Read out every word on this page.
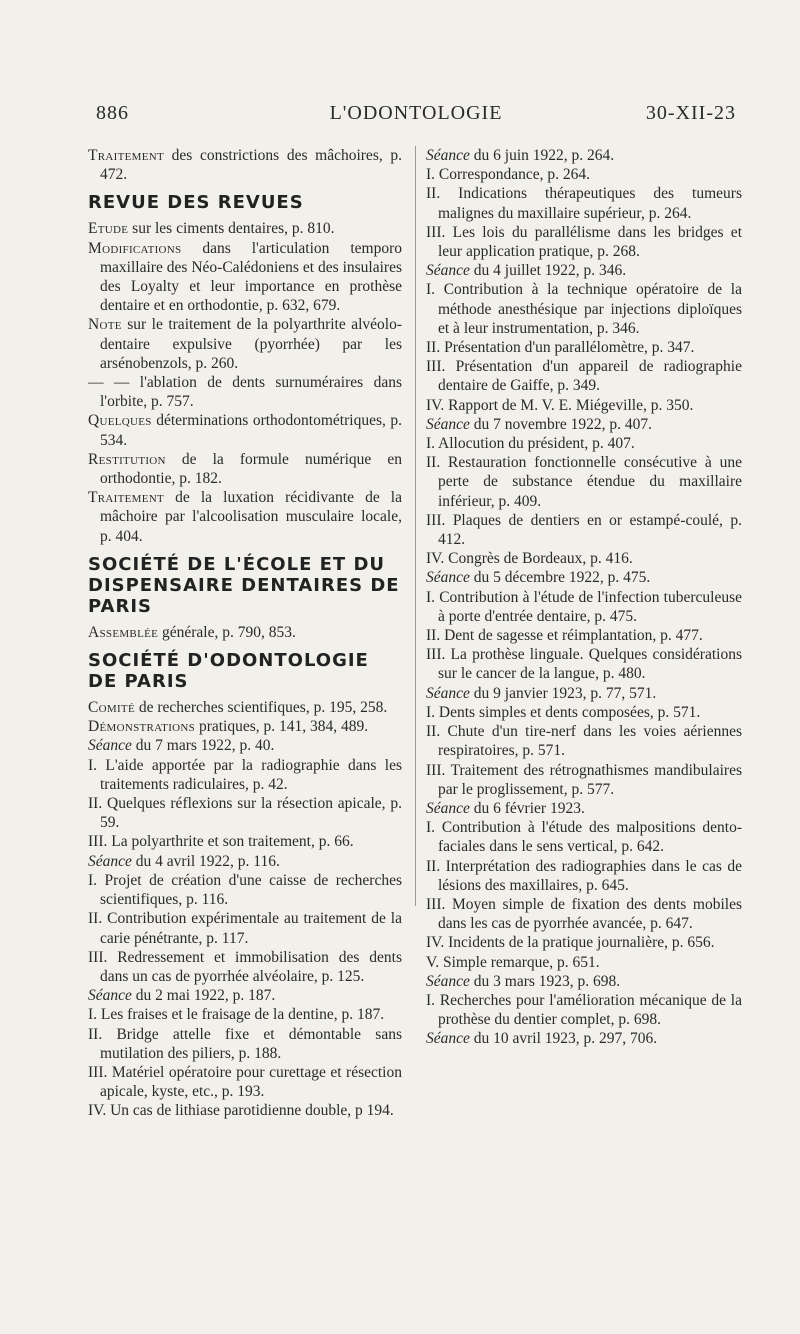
886	L'ODONTOLOGIE	30-XII-23
Traitement des constrictions des mâchoires, p. 472.
REVUE DES REVUES
Etude sur les ciments dentaires, p. 810.
Modifications dans l'articulation temporo maxillaire des Néo-Calédoniens et des insulaires des Loyalty et leur importance en prothèse dentaire et en orthodontie, p. 632, 679.
Note sur le traitement de la polyarthrite alvéolo-dentaire expulsive (pyorrhée) par les arsénobenzols, p. 260.
— — l'ablation de dents surnuméraires dans l'orbite, p. 757.
Quelques déterminations orthodontométriques, p. 534.
Restitution de la formule numérique en orthodontie, p. 182.
Traitement de la luxation récidivante de la mâchoire par l'alcoolisation musculaire locale, p. 404.
SOCIÉTÉ DE L'ÉCOLE ET DU DISPENSAIRE DENTAIRES DE PARIS
Assemblée générale, p. 790, 853.
SOCIÉTÉ D'ODONTOLOGIE DE PARIS
Comité de recherches scientifiques, p. 195, 258.
Démonstrations pratiques, p. 141, 384, 489.
Séance du 7 mars 1922, p. 40.
I. L'aide apportée par la radiographie dans les traitements radiculaires, p. 42.
II. Quelques réflexions sur la résection apicale, p. 59.
III. La polyarthrite et son traitement, p. 66.
Séance du 4 avril 1922, p. 116.
I. Projet de création d'une caisse de recherches scientifiques, p. 116.
II. Contribution expérimentale au traitement de la carie pénétrante, p. 117.
III. Redressement et immobilisation des dents dans un cas de pyorrhée alvéolaire, p. 125.
Séance du 2 mai 1922, p. 187.
I. Les fraises et le fraisage de la dentine, p. 187.
II. Bridge attelle fixe et démontable sans mutilation des piliers, p. 188.
III. Matériel opératoire pour curettage et résection apicale, kyste, etc., p. 193.
IV. Un cas de lithiase parotidienne double, p 194.
Séance du 6 juin 1922, p. 264.
I. Correspondance, p. 264.
II. Indications thérapeutiques des tumeurs malignes du maxillaire supérieur, p. 264.
III. Les lois du parallélisme dans les bridges et leur application pratique, p. 268.
Séance du 4 juillet 1922, p. 346.
I. Contribution à la technique opératoire de la méthode anesthésique par injections diploïques et à leur instrumentation, p. 346.
II. Présentation d'un parallélomètre, p. 347.
III. Présentation d'un appareil de radiographie dentaire de Gaiffe, p. 349.
IV. Rapport de M. V. E. Miégeville, p. 350.
Séance du 7 novembre 1922, p. 407.
I. Allocution du président, p. 407.
II. Restauration fonctionnelle consécutive à une perte de substance étendue du maxillaire inférieur, p. 409.
III. Plaques de dentiers en or estampé-coulé, p. 412.
IV. Congrès de Bordeaux, p. 416.
Séance du 5 décembre 1922, p. 475.
I. Contribution à l'étude de l'infection tuberculeuse à porte d'entrée dentaire, p. 475.
II. Dent de sagesse et réimplantation, p. 477.
III. La prothèse linguale. Quelques considérations sur le cancer de la langue, p. 480.
Séance du 9 janvier 1923, p. 77, 571.
I. Dents simples et dents composées, p. 571.
II. Chute d'un tire-nerf dans les voies aériennes respiratoires, p. 571.
III. Traitement des rétrognathismes mandibulaires par le proglissement, p. 577.
Séance du 6 février 1923.
I. Contribution à l'étude des malpositions dento-faciales dans le sens vertical, p. 642.
II. Interprétation des radiographies dans le cas de lésions des maxillaires, p. 645.
III. Moyen simple de fixation des dents mobiles dans les cas de pyorrhée avancée, p. 647.
IV. Incidents de la pratique journalière, p. 656.
V. Simple remarque, p. 651.
Séance du 3 mars 1923, p. 698.
I. Recherches pour l'amélioration mécanique de la prothèse du dentier complet, p. 698.
Séance du 10 avril 1923, p. 297, 706.
